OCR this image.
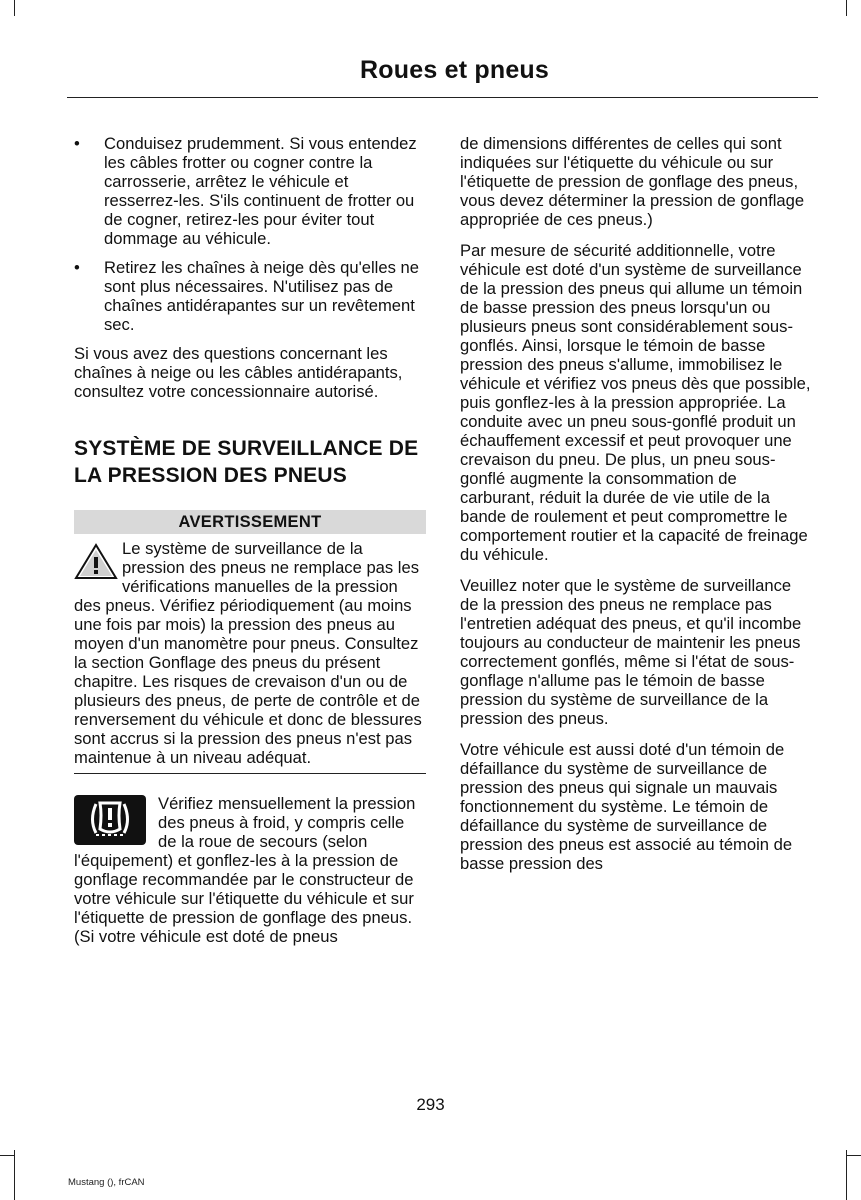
Roues et pneus
• Conduisez prudemment. Si vous entendez les câbles frotter ou cogner contre la carrosserie, arrêtez le véhicule et resserrez-les. S'ils continuent de frotter ou de cogner, retirez-les pour éviter tout dommage au véhicule.
• Retirez les chaînes à neige dès qu'elles ne sont plus nécessaires. N'utilisez pas de chaînes antidérapantes sur un revêtement sec.

Si vous avez des questions concernant les chaînes à neige ou les câbles antidérapants, consultez votre concessionnaire autorisé.

SYSTÈME DE SURVEILLANCE DE LA PRESSION DES PNEUS
AVERTISSEMENT
Le système de surveillance de la pression des pneus ne remplace pas les vérifications manuelles de la pression des pneus. Vérifiez périodiquement (au moins une fois par mois) la pression des pneus au moyen d'un manomètre pour pneus. Consultez la section Gonflage des pneus du présent chapitre. Les risques de crevaison d'un ou de plusieurs des pneus, de perte de contrôle et de renversement du véhicule et donc de blessures sont accrus si la pression des pneus n'est pas maintenue à un niveau adéquat.
Vérifiez mensuellement la pression des pneus à froid, y compris celle de la roue de secours (selon l'équipement) et gonflez-les à la pression de gonflage recommandée par le constructeur de votre véhicule sur l'étiquette du véhicule et sur l'étiquette de pression de gonflage des pneus. (Si votre véhicule est doté de pneus

de dimensions différentes de celles qui sont indiquées sur l'étiquette du véhicule ou sur l'étiquette de pression de gonflage des pneus, vous devez déterminer la pression de gonflage appropriée de ces pneus.)

Par mesure de sécurité additionnelle, votre véhicule est doté d'un système de surveillance de la pression des pneus qui allume un témoin de basse pression des pneus lorsqu'un ou plusieurs pneus sont considérablement sous-gonflés. Ainsi, lorsque le témoin de basse pression des pneus s'allume, immobilisez le véhicule et vérifiez vos pneus dès que possible, puis gonflez-les à la pression appropriée. La conduite avec un pneu sous-gonflé produit un échauffement excessif et peut provoquer une crevaison du pneu. De plus, un pneu sous-gonflé augmente la consommation de carburant, réduit la durée de vie utile de la bande de roulement et peut compromettre le comportement routier et la capacité de freinage du véhicule.

Veuillez noter que le système de surveillance de la pression des pneus ne remplace pas l'entretien adéquat des pneus, et qu'il incombe toujours au conducteur de maintenir les pneus correctement gonflés, même si l'état de sous-gonflage n'allume pas le témoin de basse pression du système de surveillance de la pression des pneus.

Votre véhicule est aussi doté d'un témoin de défaillance du système de surveillance de pression des pneus qui signale un mauvais fonctionnement du système. Le témoin de défaillance du système de surveillance de pression des pneus est associé au témoin de basse pression des

293
Mustang (), frCAN
